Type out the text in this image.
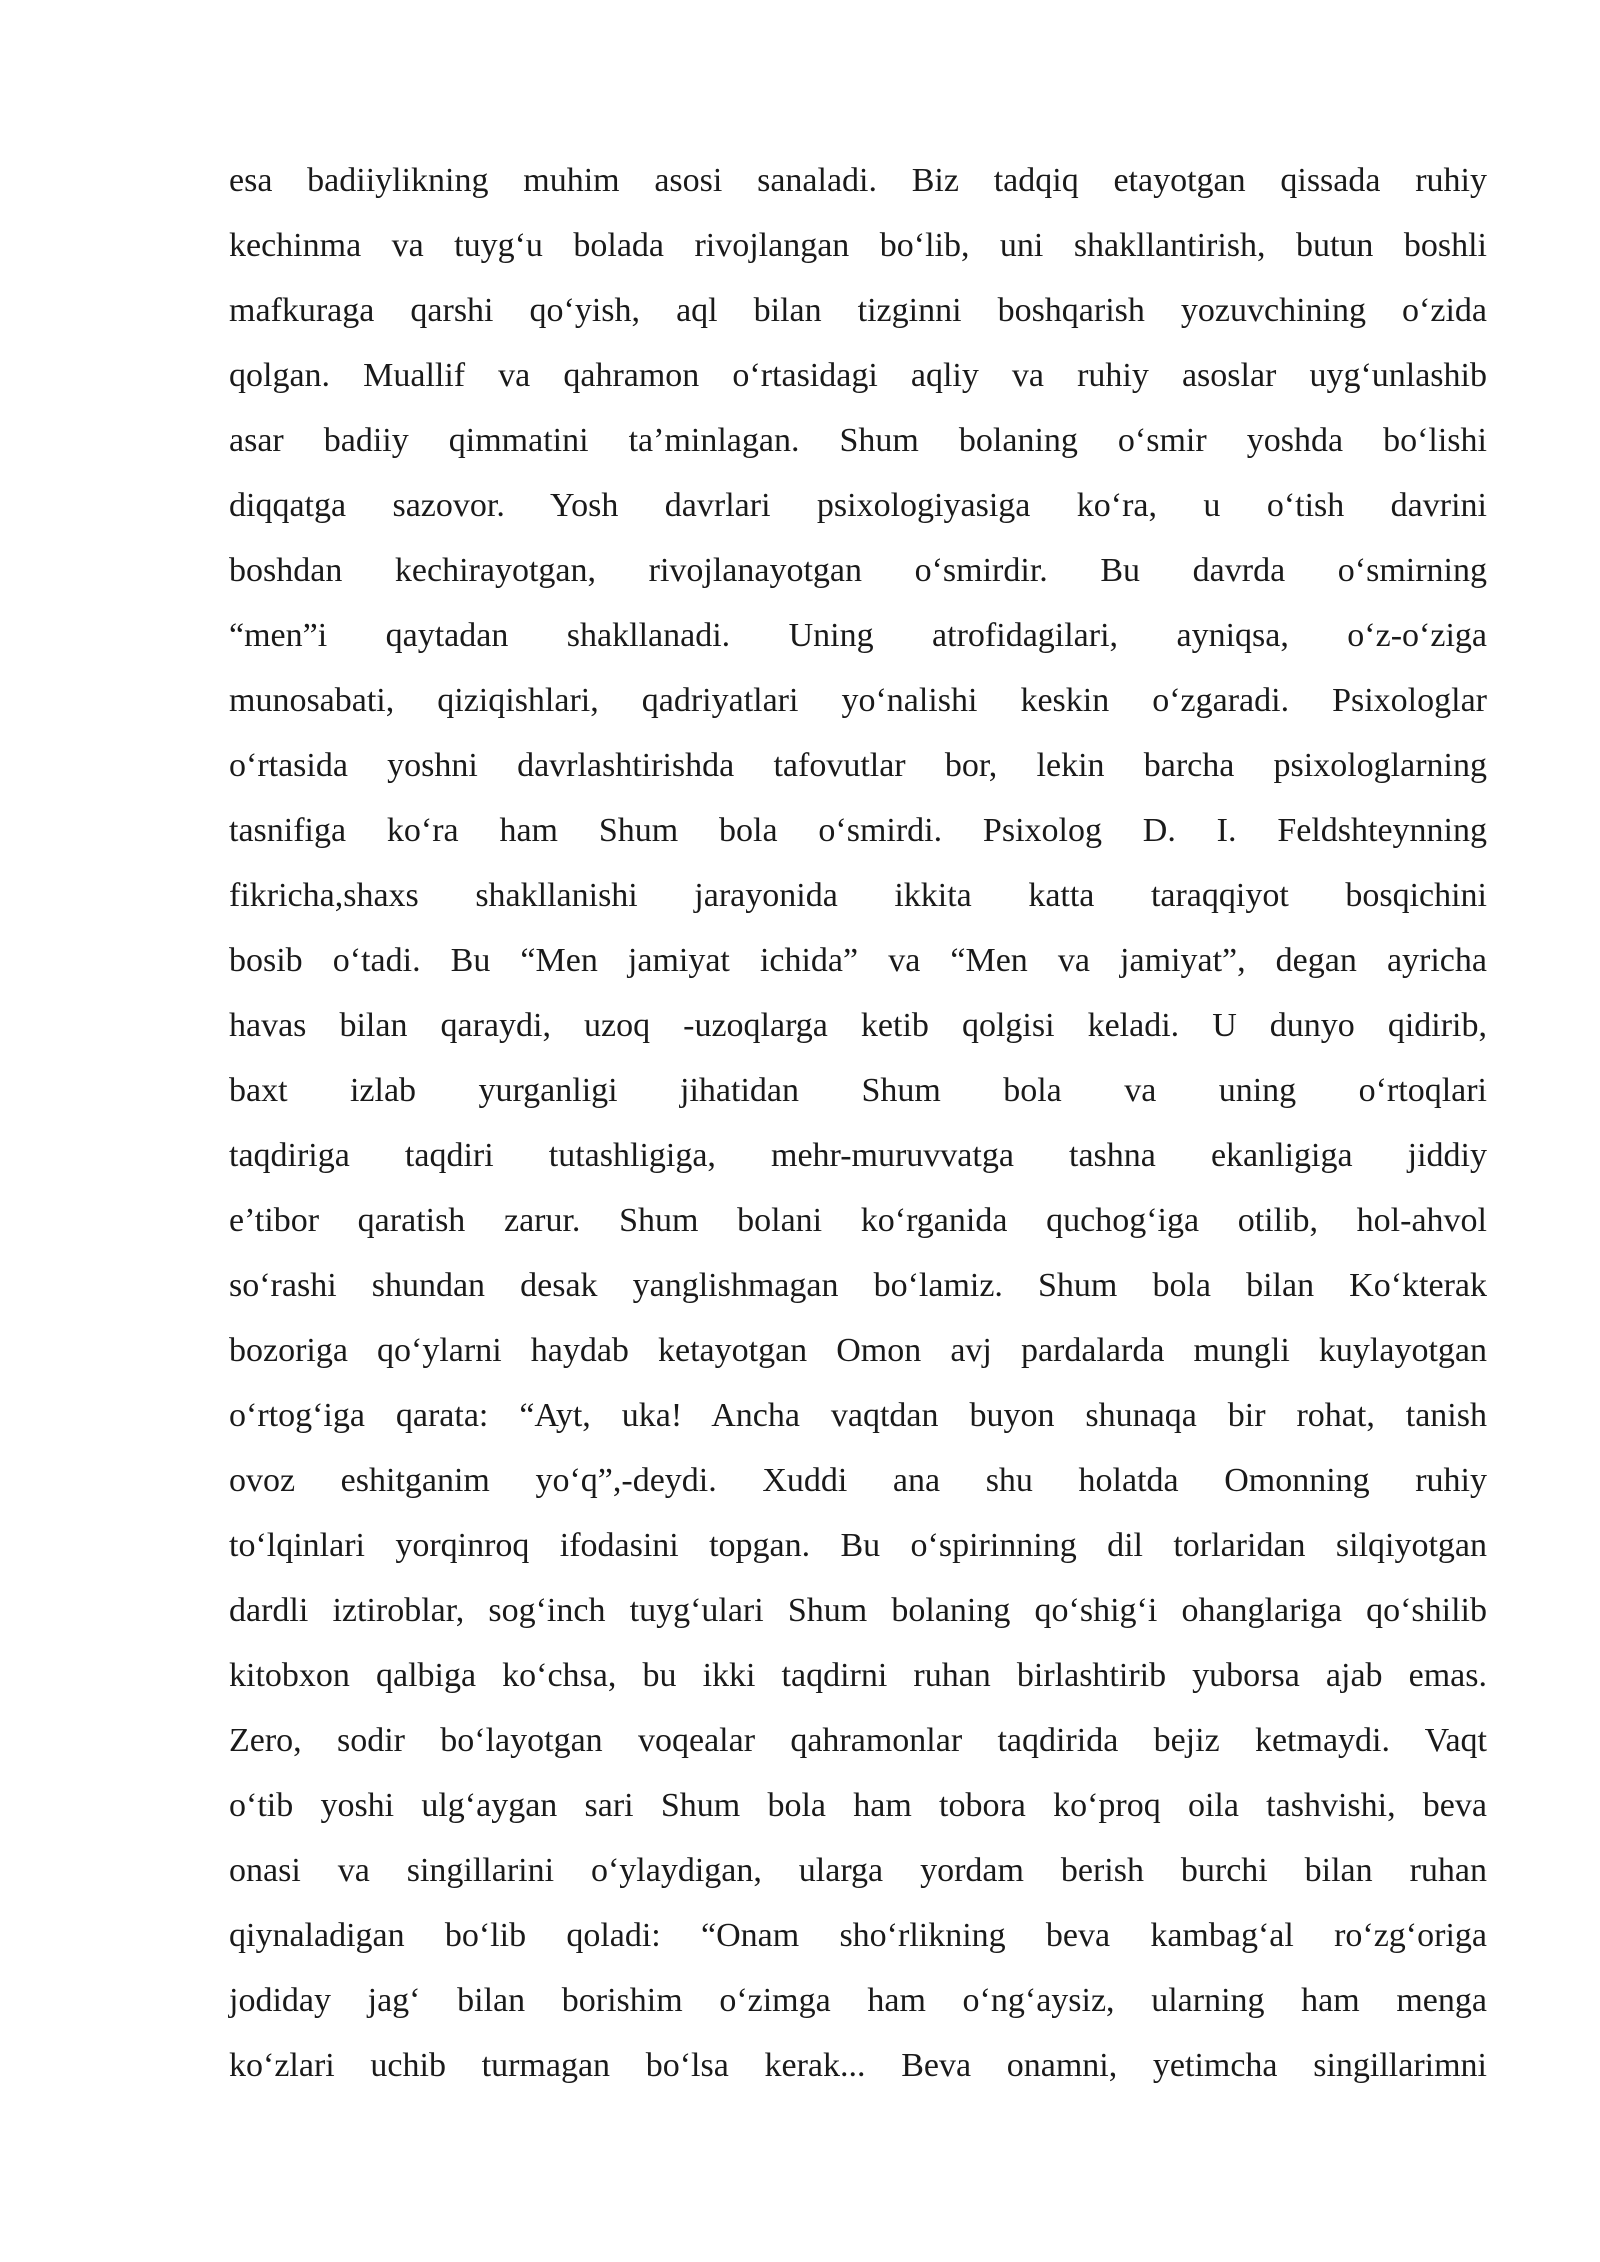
esa badiiylikning muhim asosi sanaladi. Biz tadqiq etayotgan qissada ruhiy
kechinma va tuyg‘u bolada rivojlangan bo‘lib, uni shakllantirish, butun boshli
mafkuraga qarshi qo‘yish, aql bilan tizginni boshqarish yozuvchining o‘zida
qolgan. Muallif va qahramon o‘rtasidagi aqliy va ruhiy asoslar uyg‘unlashib
asar badiiy qimmatini ta’minlagan. Shum bolaning o‘smir yoshda bo‘lishi
diqqatga sazovor. Yosh davrlari psixologiyasiga ko‘ra, u o‘tish davrini
boshdan kechirayotgan, rivojlanayotgan o‘smirdir. Bu davrda o‘smirning
“men”i qaytadan shakllanadi. Uning atrofidagilari, ayniqsa, o‘z-o‘ziga
munosabati, qiziqishlari, qadriyatlari yo‘nalishi keskin o‘zgaradi. Psixologlar
o‘rtasida yoshni davrlashtirishda tafovutlar bor, lekin barcha psixologlarning
tasnifiga ko‘ra ham Shum bola o‘smirdi. Psixolog D. I. Feldshteynning
fikricha,shaxs shakllanishi jarayonida ikkita katta taraqqiyot bosqichini
bosib o‘tadi. Bu “Men jamiyat ichida” va “Men va jamiyat”, degan ayricha
havas bilan qaraydi, uzoq -uzoqlarga ketib qolgisi keladi. U dunyo qidirib,
baxt izlab yurganligi jihatidan Shum bola va uning o‘rtoqlari
taqdiriga taqdiri tutashligiga, mehr-muruvvatga tashna ekanligiga jiddiy
e’tibor qaratish zarur. Shum bolani ko‘rganida quchog‘iga otilib, hol-ahvol
so‘rashi shundan desak yanglishmagan bo‘lamiz. Shum bola bilan Ko‘kterak
bozoriga qo‘ylarni haydab ketayotgan Omon avj pardalarda mungli kuylayotgan
o‘rtog‘iga qarata: “Ayt, uka! Ancha vaqtdan buyon shunaqa bir rohat, tanish
ovoz eshitganim yo‘q”,-deydi. Xuddi ana shu holatda Omonning ruhiy
to‘lqinlari yorqinroq ifodasini topgan. Bu o‘spirinning dil torlaridan silqiyotgan
dardli iztiroblar, sog‘inch tuyg‘ulari Shum bolaning qo‘shig‘i ohanglariga qo‘shilib
kitobxon qalbiga ko‘chsa, bu ikki taqdirni ruhan birlashtirib yuborsa ajab emas.
Zero, sodir bo‘layotgan voqealar qahramonlar taqdirida bejiz ketmaydi. Vaqt
o‘tib yoshi ulg‘aygan sari Shum bola ham tobora ko‘proq oila tashvishi, beva
onasi va singillarini o‘ylaydigan, ularga yordam berish burchi bilan ruhan
qiynaladigan bo‘lib qoladi: “Onam sho‘rlikning beva kambag‘al ro‘zg‘origa
jodiday jag‘ bilan borishim o‘zimga ham o‘ng‘aysiz, ularning ham menga
ko‘zlari uchib turmagan bo‘lsa kerak... Beva onamni, yetimcha singillarimni
